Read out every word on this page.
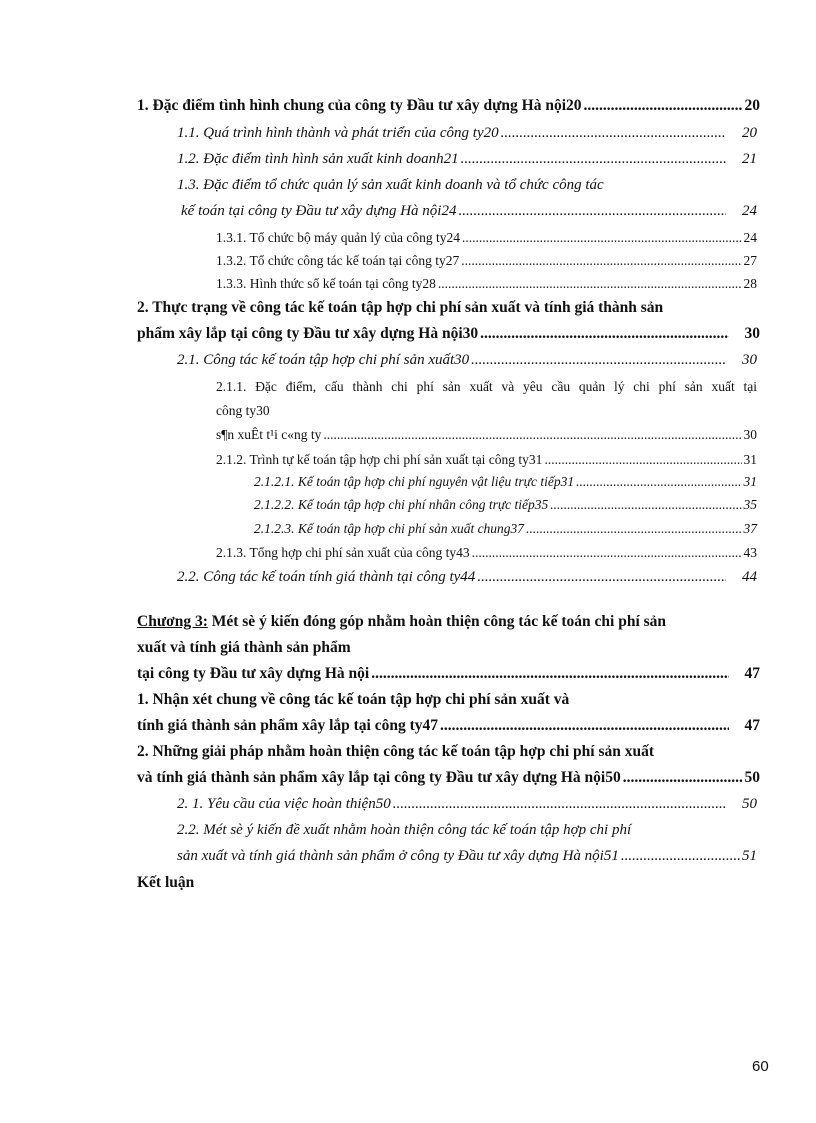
1. Đặc điểm tình hình chung của công ty Đầu tư xây dựng Hà nội20 .....	20
1.1. Quá trình hình thành và phát triển của công ty20 .....	20
1.2. Đặc điểm tình hình sản xuất kinh doanh21 .....	21
1.3. Đặc điểm tổ chức quản lý sản xuất kinh doanh và tổ chức công tác
kế toán tại công ty Đầu tư xây dựng Hà nội24 .....	24
1.3.1. Tổ chức bộ máy quản lý của công ty24 .....	24
1.3.2. Tổ chức công tác kế toán tại công ty27 .....	27
1.3.3. Hình thức sổ kế toán tại công ty28 .....	28
2. Thực trạng về công tác kế toán tập hợp chi phí sản xuất và tính giá thành sản
phẩm xây lắp tại công ty Đầu tư xây dựng Hà nội30 .....	30
2.1. Công tác kế toán tập hợp chi phí sản xuất30 .....	30
2.1.1. Đặc điểm, cấu thành chi phí sản xuất và yêu cầu quản lý chi phí sản xuất tại
công ty30
s¶n xuÊt t¹i c«ng ty .....	30
2.1.2. Trình tự kế toán tập hợp chi phí sản xuất tại công ty31 .....	31
2.1.2.1. Kế toán tập hợp chi phí nguyên vật liệu trực tiếp31 .....	31
2.1.2.2. Kế toán tập hợp chi phí nhân công trực tiếp35 .....	35
2.1.2.3. Kế toán tập hợp chi phí sản xuất chung37 .....	37
2.1.3. Tổng hợp chi phí sản xuất của công ty43 .....	43
2.2. Công tác kế toán tính giá thành tại công ty44 .....	44
Chương 3: Mét sè ý kiến đóng góp nhằm hoàn thiện công tác kế toán chi phí sản
xuất và tính giá thành sản phẩm
tại công ty Đầu tư xây dựng Hà nội .....	47
1. Nhận xét chung về công tác kế toán tập hợp chi phí sản xuất và
tính giá thành sản phẩm xây lắp tại công ty47 .....	47
2. Những giải pháp nhằm hoàn thiện công tác kế toán tập hợp chi phí sản xuất
và tính giá thành sản phẩm xây lắp tại công ty Đầu tư xây dựng Hà nội50 .....	50
2. 1. Yêu cầu của việc hoàn thiện50 .....	50
2.2. Mét sè ý kiến đề xuất nhằm hoàn thiện công tác kế toán tập hợp chi phí
sản xuất và tính giá thành sản phẩm ở công ty Đầu tư xây dựng Hà nội51 .....	51
Kết luận
60
